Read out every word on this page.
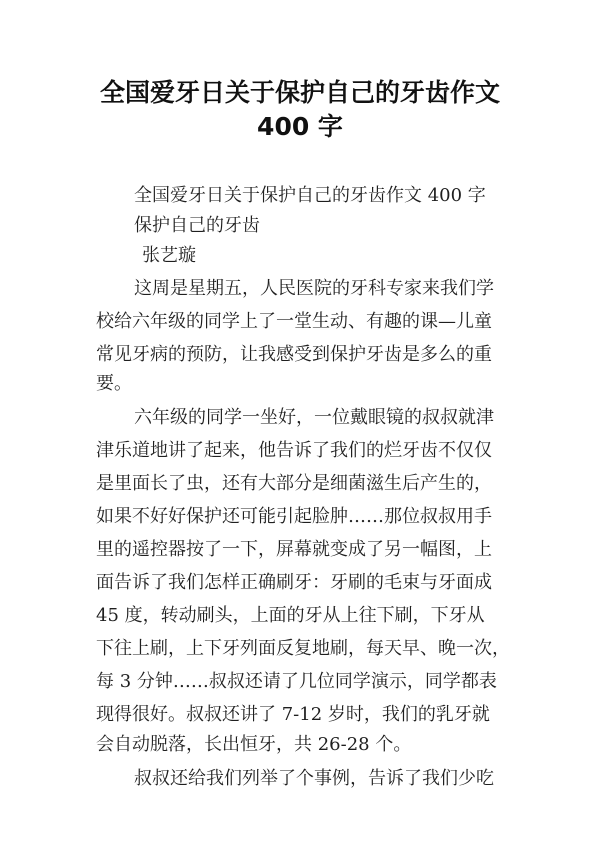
全国爱牙日关于保护自己的牙齿作文
400 字
全国爱牙日关于保护自己的牙齿作文 400 字
保护自己的牙齿
张艺璇
这周是星期五，人民医院的牙科专家来我们学
校给六年级的同学上了一堂生动、有趣的课—儿童
常见牙病的预防，让我感受到保护牙齿是多么的重
要。
六年级的同学一坐好，一位戴眼镜的叔叔就津
津乐道地讲了起来，他告诉了我们的烂牙齿不仅仅
是里面长了虫，还有大部分是细菌滋生后产生的，
如果不好好保护还可能引起脸肿……那位叔叔用手
里的遥控器按了一下，屏幕就变成了另一幅图，上
面告诉了我们怎样正确刷牙：牙刷的毛束与牙面成
45 度，转动刷头，上面的牙从上往下刷，下牙从
下往上刷，上下牙列面反复地刷，每天早、晚一次，
每 3 分钟……叔叔还请了几位同学演示，同学都表
现得很好。叔叔还讲了 7-12 岁时，我们的乳牙就
会自动脱落，长出恒牙，共 26-28 个。
叔叔还给我们列举了个事例，告诉了我们少吃
